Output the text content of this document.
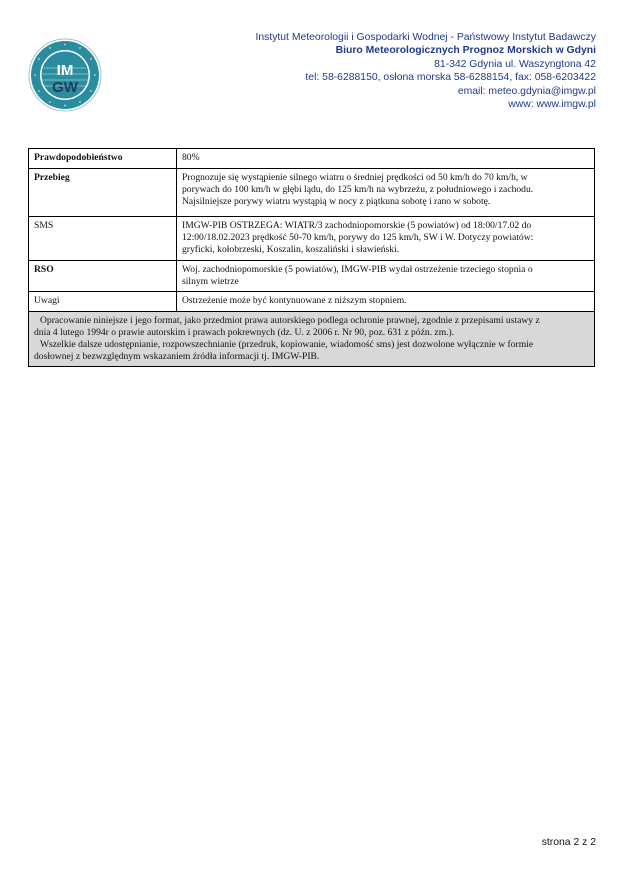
IM
GW
Instytut Meteorologii i Gospodarki Wodnej - Państwowy Instytut Badawczy
Biuro Meteorologicznych Prognoz Morskich w Gdyni
81-342 Gdynia ul. Waszyngtona 42
tel: 58-6288150, osłona morska 58-6288154, fax: 058-6203422
email: meteo.gdynia@imgw.pl
www: www.imgw.pl
Prawdopodobieństwo	80%
Przebieg	Prognozuje się wystąpienie silnego wiatru o średniej prędkości od 50 km/h do 70 km/h, w
porywach do 100 km/h w głębi lądu, do 125 km/h na wybrzeżu, z południowego i zachodu.
Najsilniejsze porywy wiatru wystąpią w nocy z piątkuna sobotę i rano w sobotę.
SMS	IMGW-PIB OSTRZEGA: WIATR/3 zachodniopomorskie (5 powiatów) od 18:00/17.02 do
12:00/18.02.2023 prędkość 50-70 km/h, porywy do 125 km/h, SW i W. Dotyczy powiatów:
gryficki, kołobrzeski, Koszalin, koszaliński i sławieński.
RSO	Woj. zachodniopomorskie (5 powiatów), IMGW-PIB wydał ostrzeżenie trzeciego stopnia o
silnym wietrze
Uwagi	Ostrzeżenie może być kontynuowane z niższym stopniem.

Opracowanie niniejsze i jego format, jako przedmiot prawa autorskiego podlega ochronie prawnej, zgodnie z przepisami ustawy z
dnia 4 lutego 1994r o prawie autorskim i prawach pokrewnych (dz. U. z 2006 r. Nr 90, poz. 631 z późn. zm.).

Wszelkie dalsze udostępnianie, rozpowszechnianie (przedruk, kopiowanie, wiadomość sms) jest dozwolone wyłącznie w formie
dosłownej z bezwzględnym wskazaniem źródła informacji tj. IMGW-PIB.	

strona 2 z 2
